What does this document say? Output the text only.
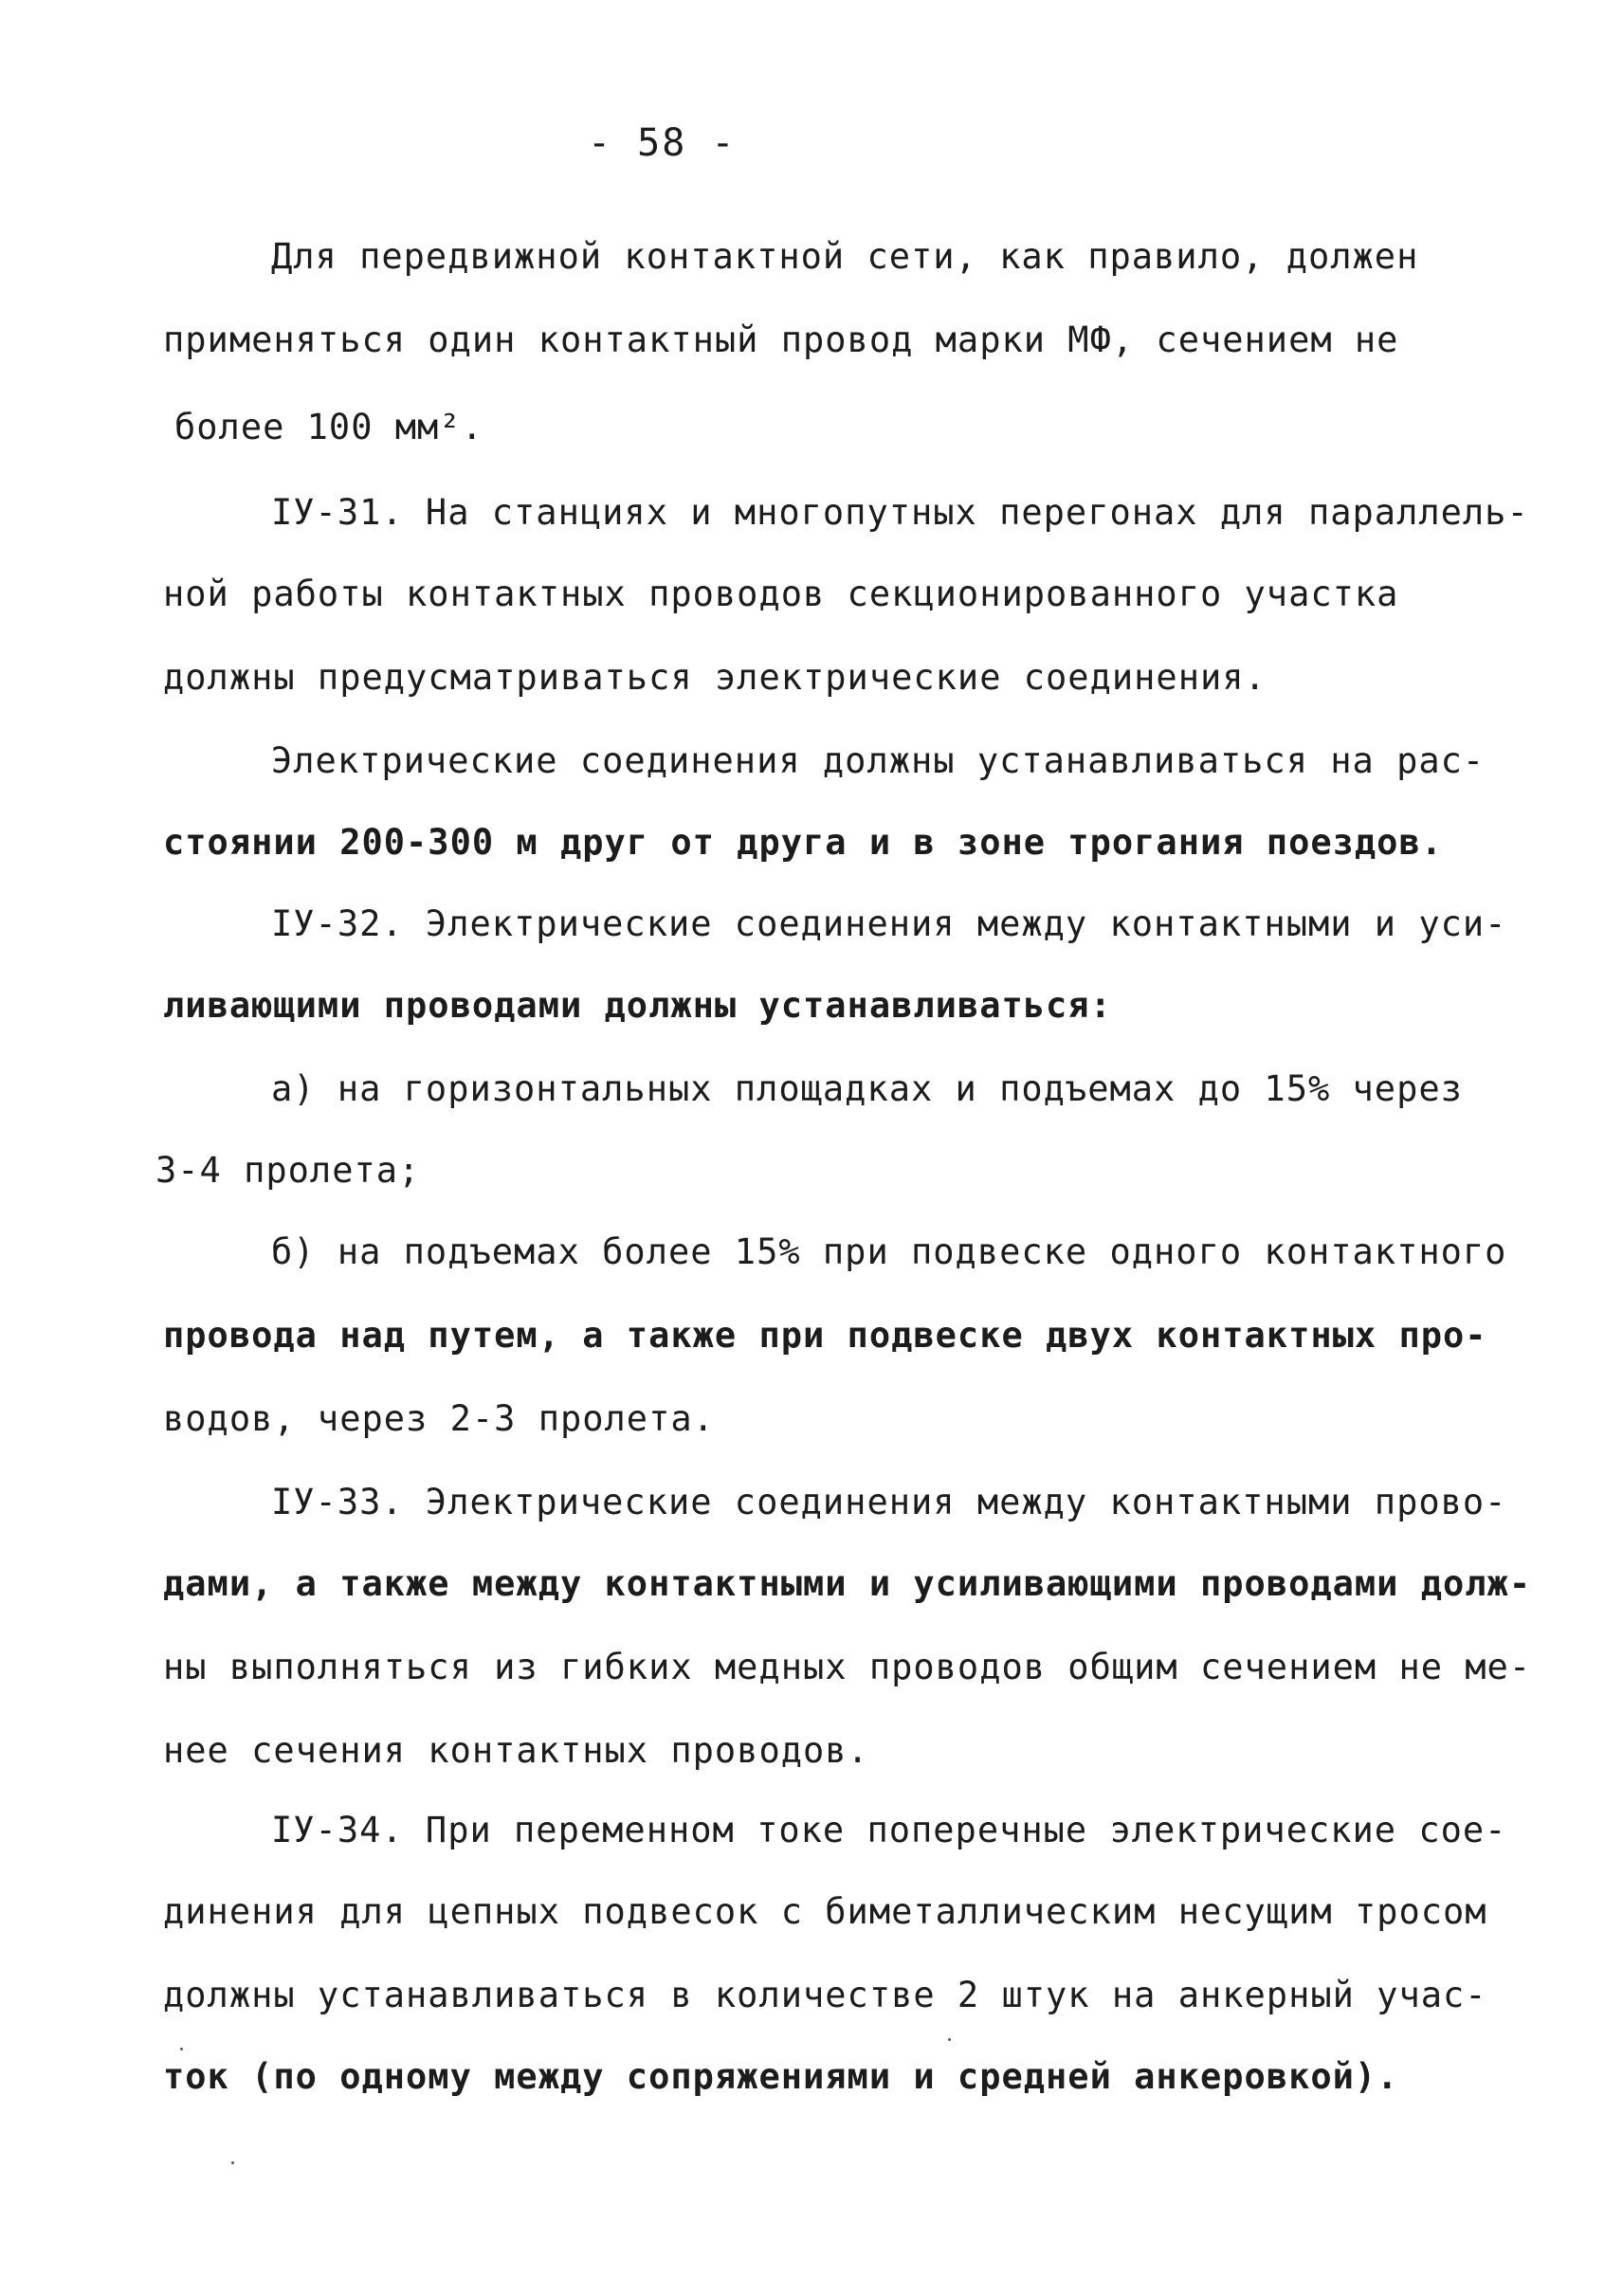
- 58 -
Для передвижной контактной сети, как правило, должен
применяться один контактный провод марки МФ, сечением не
более 100 мм².
IУ-31. На станциях и многопутных перегонах для параллель-
ной работы контактных проводов секционированного участка
должны предусматриваться электрические соединения.
Электрические соединения должны устанавливаться на рас-
стоянии 200-300 м друг от друга и в зоне трогания поездов.
IУ-32. Электрические соединения между контактными и уси-
ливающими проводами должны устанавливаться:
а) на горизонтальных площадках и подъемах до 15% через
3-4 пролета;
б) на подъемах более 15% при подвеске одного контактного
провода над путем, а также при подвеске двух контактных про-
водов, через 2-3 пролета.
IУ-33. Электрические соединения между контактными прово-
дами, а также между контактными и усиливающими проводами долж-
ны выполняться из гибких медных проводов общим сечением не ме-
нее сечения контактных проводов.
IУ-34. При переменном токе поперечные электрические сое-
динения для цепных подвесок с биметаллическим несущим тросом
должны устанавливаться в количестве 2 штук на анкерный учас-
ток (по одному между сопряжениями и средней анкеровкой).
